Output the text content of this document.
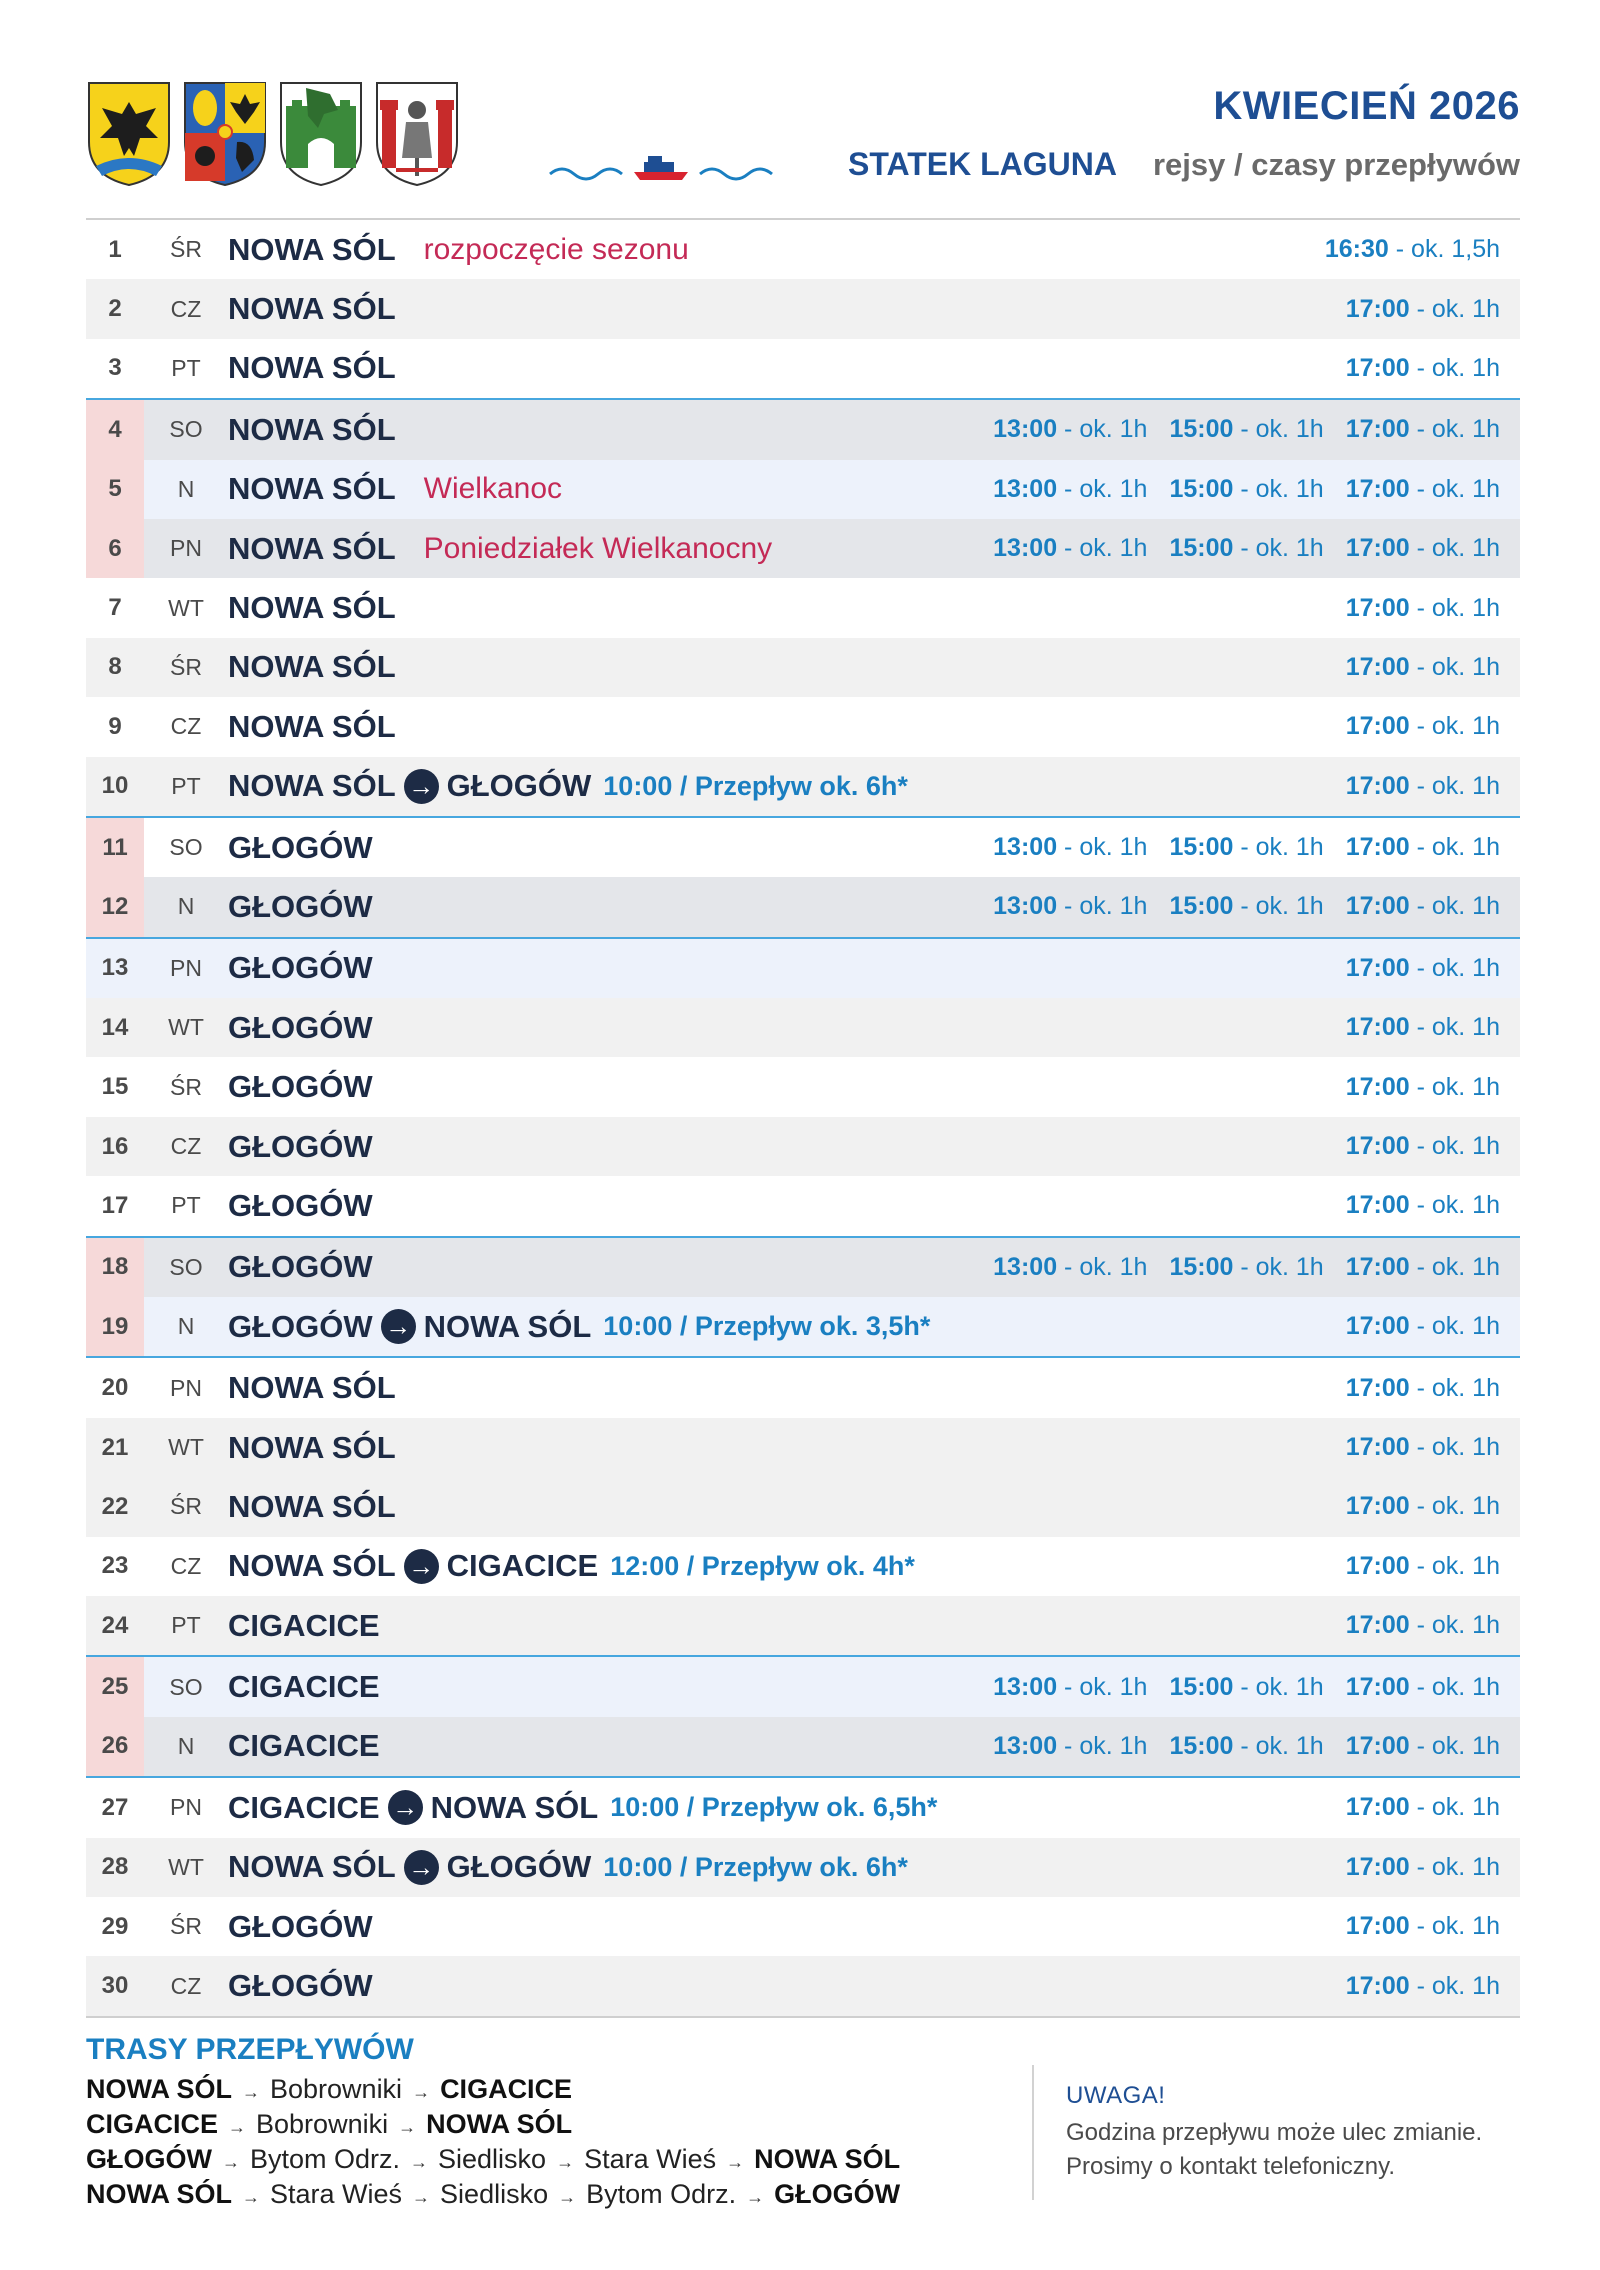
KWIECIEŃ 2026
STATEK LAGUNA rejsy / czasy przepływów
1	ŚR NOWA SÓL rozpoczęcie sezonu	16:30 - ok. 1,5h
2	CZ NOWA SÓL	17:00 - ok. 1h
3	PT NOWA SÓL	17:00 - ok. 1h
4	SO NOWA SÓL	13:00 - ok. 1h 15:00 - ok. 1h 17:00 - ok. 1h
5	N	NOWA SÓL Wielkanoc	13:00 - ok. 1h 15:00 - ok. 1h 17:00 - ok. 1h
6	PN NOWA SÓL Poniedziałek Wielkanocny	13:00 - ok. 1h 15:00 - ok. 1h 17:00 - ok. 1h
7	WT NOWA SÓL	17:00 - ok. 1h
8	ŚR NOWA SÓL	17:00 - ok. 1h
9	CZ NOWA SÓL	17:00 - ok. 1h
10	PT NOWA SÓL → GŁOGÓW 10:00 / Przepływ ok. 6h*	17:00 - ok. 1h
11	SO GŁOGÓW	13:00 - ok. 1h 15:00 - ok. 1h 17:00 - ok. 1h
12	N	GŁOGÓW	13:00 - ok. 1h 15:00 - ok. 1h 17:00 - ok. 1h
13	PN GŁOGÓW	17:00 - ok. 1h
14	WT GŁOGÓW	17:00 - ok. 1h
15	ŚR GŁOGÓW	17:00 - ok. 1h
16	CZ GŁOGÓW	17:00 - ok. 1h
17	PT GŁOGÓW	17:00 - ok. 1h
18	SO GŁOGÓW	13:00 - ok. 1h 15:00 - ok. 1h 17:00 - ok. 1h
19	N	GŁOGÓW → NOWA SÓL 10:00 / Przepływ ok. 3,5h*	17:00 - ok. 1h
20	PN NOWA SÓL	17:00 - ok. 1h
21	WT NOWA SÓL	17:00 - ok. 1h
22	ŚR NOWA SÓL	17:00 - ok. 1h
23	CZ NOWA SÓL → CIGACICE 12:00 / Przepływ ok. 4h*	17:00 - ok. 1h
24	PT CIGACICE	17:00 - ok. 1h
25	SO CIGACICE	13:00 - ok. 1h 15:00 - ok. 1h 17:00 - ok. 1h
26	N	CIGACICE	13:00 - ok. 1h 15:00 - ok. 1h 17:00 - ok. 1h
27	PN CIGACICE → NOWA SÓL 10:00 / Przepływ ok. 6,5h*	17:00 - ok. 1h
28	WT NOWA SÓL → GŁOGÓW 10:00 / Przepływ ok. 6h*	17:00 - ok. 1h
29	ŚR GŁOGÓW	17:00 - ok. 1h
30	CZ GŁOGÓW	17:00 - ok. 1h
TRASY PRZEPŁYWÓW
NOWA SÓL → Bobrowniki → CIGACICE
CIGACICE → Bobrowniki → NOWA SÓL
GŁOGÓW → Bytom Odrz. → Siedlisko → Stara Wieś → NOWA SÓL
NOWA SÓL → Stara Wieś → Siedlisko → Bytom Odrz. → GŁOGÓW
UWAGA!
Godzina przepływu może ulec zmianie.
Prosimy o kontakt telefoniczny.
